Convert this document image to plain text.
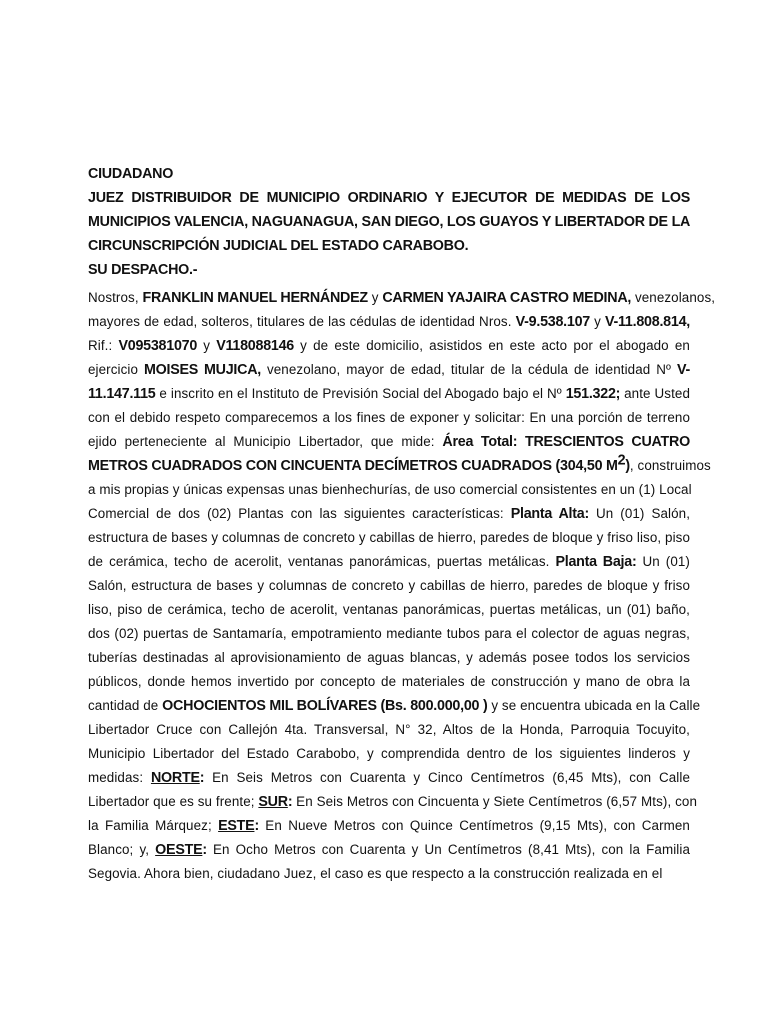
CIUDADANO
JUEZ DISTRIBUIDOR DE MUNICIPIO ORDINARIO Y EJECUTOR DE MEDIDAS DE LOS
MUNICIPIOS VALENCIA, NAGUANAGUA, SAN DIEGO, LOS GUAYOS Y LIBERTADOR DE LA
CIRCUNSCRIPCIÓN JUDICIAL DEL ESTADO CARABOBO.
SU DESPACHO.-
Nostros, FRANKLIN MANUEL HERNÁNDEZ y CARMEN YAJAIRA CASTRO MEDINA, venezolanos,
mayores de edad, solteros, titulares de las cédulas de identidad Nros. V-9.538.107 y V-11.808.814,
Rif.: V095381070 y V118088146 y de este domicilio, asistidos en este acto por el abogado en
ejercicio MOISES MUJICA, venezolano, mayor de edad, titular de la cédula de identidad Nº V-
11.147.115 e inscrito en el Instituto de Previsión Social del Abogado bajo el Nº 151.322; ante Usted
con el debido respeto comparecemos a los fines de exponer y solicitar: En una porción de terreno
ejido perteneciente al Municipio Libertador, que mide: Área Total: TRESCIENTOS CUATRO
METROS CUADRADOS CON CINCUENTA DECÍMETROS CUADRADOS (304,50 $M^2$), construimos
a mis propias y únicas expensas unas bienhechurías, de uso comercial consistentes en un (1) Local
Comercial de dos (02) Plantas con las siguientes características: Planta Alta: Un (01) Salón,
estructura de bases y columnas de concreto y cabillas de hierro, paredes de bloque y friso liso, piso
de cerámica, techo de acerolit, ventanas panorámicas, puertas metálicas. Planta Baja: Un (01)
Salón, estructura de bases y columnas de concreto y cabillas de hierro, paredes de bloque y friso
liso, piso de cerámica, techo de acerolit, ventanas panorámicas, puertas metálicas, un (01) baño,
dos (02) puertas de Santamaría, empotramiento mediante tubos para el colector de aguas negras,
tuberías destinadas al aprovisionamiento de aguas blancas, y además posee todos los servicios
públicos, donde hemos invertido por concepto de materiales de construcción y mano de obra la
cantidad de OCHOCIENTOS MIL BOLÍVARES (Bs. 800.000,00 ) y se encuentra ubicada en la Calle
Libertador Cruce con Callejón 4ta. Transversal, N° 32, Altos de la Honda, Parroquia Tocuyito,
Municipio Libertador del Estado Carabobo, y comprendida dentro de los siguientes linderos y
medidas: NORTE: En Seis Metros con Cuarenta y Cinco Centímetros (6,45 Mts), con Calle
Libertador que es su frente; SUR: En Seis Metros con Cincuenta y Siete Centímetros (6,57 Mts), con
la Familia Márquez; ESTE: En Nueve Metros con Quince Centímetros (9,15 Mts), con Carmen
Blanco; y, OESTE: En Ocho Metros con Cuarenta y Un Centímetros (8,41 Mts), con la Familia
Segovia. Ahora bien, ciudadano Juez, el caso es que respecto a la construcción realizada en el
